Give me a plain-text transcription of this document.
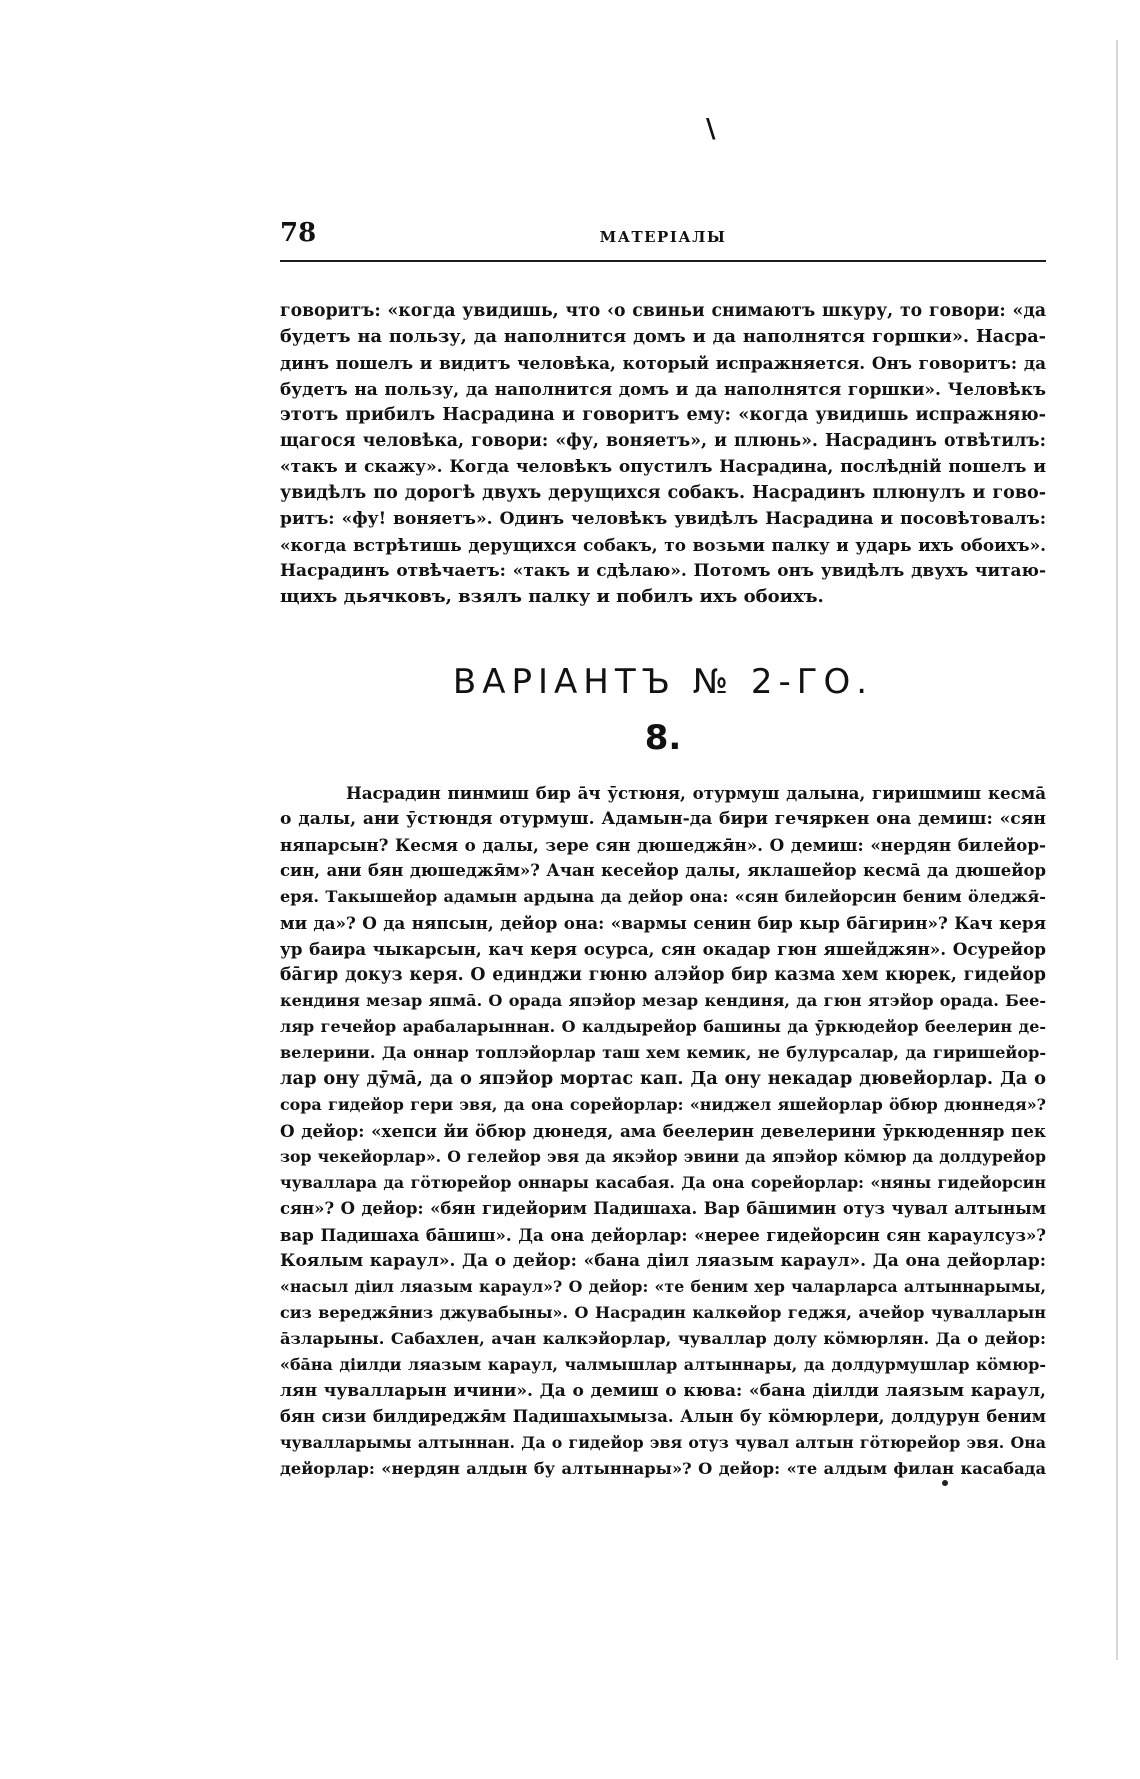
\
78	МАТЕРІАЛЫ
говоритъ: «когда увидишь, что ‹о свиньи снимаютъ шкуру, то говори: «да
будетъ на пользу, да наполнится домъ и да наполнятся горшки». Насра-
динъ пошелъ и видитъ человѣка, который испражняется. Онъ говоритъ: да
будетъ на пользу, да наполнится домъ и да наполнятся горшки». Человѣкъ
этотъ прибилъ Насрадина и говоритъ ему: «когда увидишь испражняю-
щагося человѣка, говори: «фу, воняетъ», и плюнь». Насрадинъ отвѣтилъ:
«такъ и скажу». Когда человѣкъ опустилъ Насрадина, послѣдній пошелъ и
увидѣлъ по дорогѣ двухъ дерущихся собакъ. Насрадинъ плюнулъ и гово-
ритъ: «фу! воняетъ». Одинъ человѣкъ увидѣлъ Насрадина и посовѣтовалъ:
«когда встрѣтишь дерущихся собакъ, то возьми палку и ударь ихъ обоихъ».
Насрадинъ отвѣчаетъ: «такъ и сдѣлаю». Потомъ онъ увидѣлъ двухъ читаю-
щихъ дьячковъ, взялъ палку и побилъ ихъ обоихъ.
ВАРІАНТЪ № 2-ГО.
8.
Насрадин пинмиш бир а̄ч ӯстюня, отурмуш далына, гиришмиш кесма̄
о далы, ани ӯстюндя отурмуш. Адамын-да бири гечяркен она демиш: «сян
няпарсын? Кесмя о далы, зере сян дюшеджя̄н». О демиш: «нердян билейор-
син, ани бян дюшеджя̄м»? Ачан кесейор далы, яклашейор кесма̄ да дюшейор
еря. Такышейор адамын ардына да дейор она: «сян билейорсин беним ӧледжя̄-
ми да»? О да няпсын, дейор она: «вармы сенин бир кыр ба̄гирин»? Кач керя
ур баира чыкарсын, кач керя осурса, сян окадар гюн яшейджян». Осурейор
ба̄гир докуз керя. О единджи гюню алэйор бир казма хем кюрек, гидейор
кендиня мезар япма̄. О орада япэйор мезар кендиня, да гюн ятэйор орада. Бее-
ляр гечейор арабаларыннан. О калдырейор башины да ӯркюдейор беелерин де-
велерини. Да оннар топлэйорлар таш хем кемик, не булурсалар, да гиришейор-
лар ону дӯма̄, да о япэйор мортас кап. Да ону некадар дювейорлар. Да о
сора гидейор гери эвя, да она сорейорлар: «ниджел яшейорлар ӧбюр дюннедя»?
О дейор: «хепси йи ӧбюр дюнедя, ама беелерин девелерини ӯркюденняр пек
зор чекейорлар». О гелейор эвя да якэйор эвини да япэйор кӧмюр да долдурейор
чуваллара да гӧтюрейор оннары касабая. Да она сорейорлар: «няны гидейорсин
сян»? О дейор: «бян гидейорим Падишаха. Вар ба̄шимин отуз чувал алтыным
вар Падишаха ба̄шиш». Да она дейорлар: «нерее гидейорсин сян караулсуз»?
Коялым караул». Да о дейор: «бана дiил ляазым караул». Да она дейорлар:
«насыл дiил ляазым караул»? О дейор: «те беним хер чаларларса алтыннарымы,
сиз вереджя̄низ джувабыны». О Насрадин калкөйор геджя, ачейор чувалларын
а̄зларыны. Сабахлен, ачан калкэйорлар, чуваллар долу кӧмюрлян. Да о дейор:
«ба̄на дiилди ляазым караул, чалмышлар алтыннары, да долдурмушлар кӧмюр-
лян чувалларын ичини». Да о демиш о кюва: «бана дiилди лаязым караул,
бян сизи билдиреджя̄м Падишахымыза. Алын бу кӧмюрлери, долдурун беним
чувалларымы алтыннан. Да о гидейор эвя отуз чувал алтын гӧтюрейор эвя. Она
дейорлар: «нердян алдын бу алтыннары»? О дейор: «те алдым филан касабада
